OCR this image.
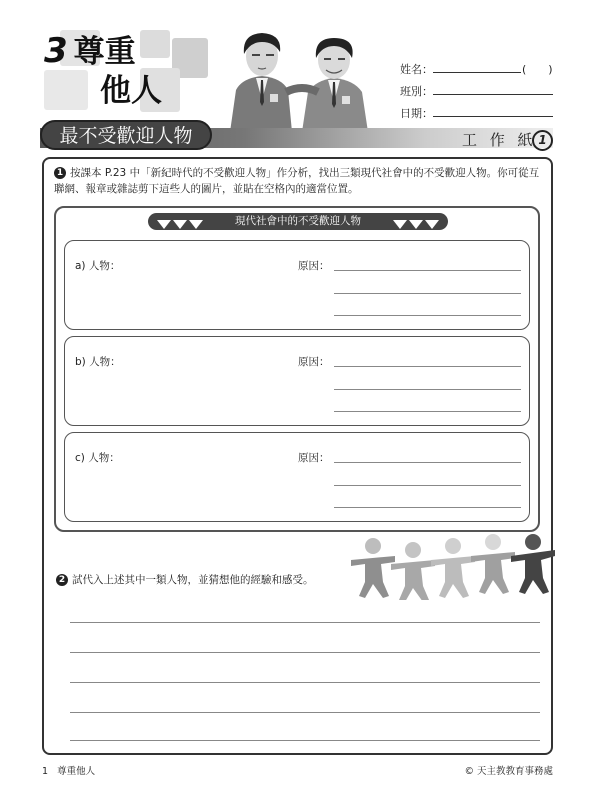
3 尊重
他人
姓名：	(　　)
班別：
日期：
最不受歡迎人物	工 作 紙 1
1 按課本 P.23 中「新紀時代的不受歡迎人物」作分析，找出三類現代社會中的不受歡迎人物。你可從互聯網、報章或雜誌剪下這些人的圖片，並貼在空格內的適當位置。
現代社會中的不受歡迎人物
a) 人物：	原因：
b) 人物：	原因：
c) 人物：	原因：
2 試代入上述其中一類人物，並猜想他的經驗和感受。
1 尊重他人	© 天主教教育事務處
